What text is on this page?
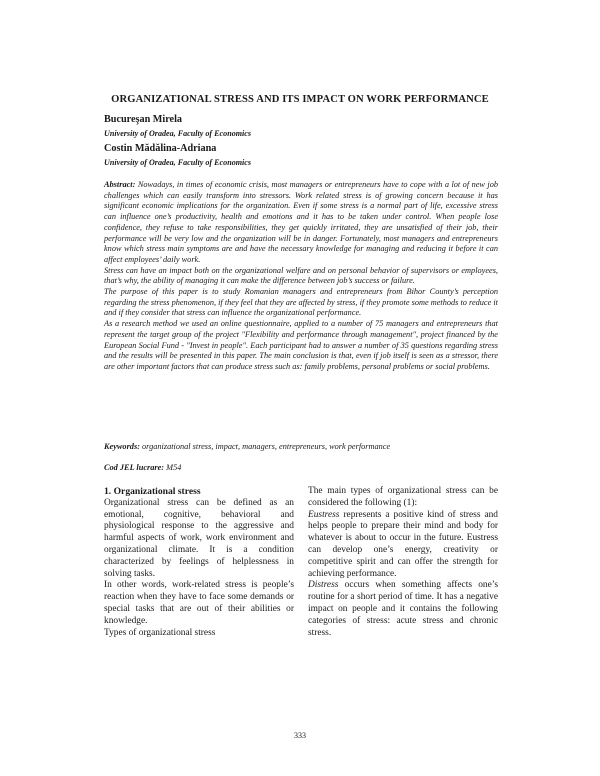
ORGANIZATIONAL STRESS AND ITS IMPACT ON WORK PERFORMANCE
Bucureşan Mirela
University of Oradea, Faculty of Economics
Costin Mădălina-Adriana
University of Oradea, Faculty of Economics

Abstract: Nowadays, in times of economic crisis, most managers or entrepreneurs have to cope with a lot of new job challenges which can easily transform into stressors. Work related stress is of growing concern because it has significant economic implications for the organization. Even if some stress is a normal part of life, excessive stress can influence one’s productivity, health and emotions and it has to be taken under control. When people lose confidence, they refuse to take responsibilities, they get quickly irritated, they are unsatisfied of their job, their performance will be very low and the organization will be in danger. Fortunately, most managers and entrepreneurs know which stress main symptoms are and have the necessary knowledge for managing and reducing it before it can affect employees’ daily work.

Stress can have an impact both on the organizational welfare and on personal behavior of supervisors or employees, that’s why, the ability of managing it can make the difference between job’s success or failure.

The purpose of this paper is to study Romanian managers and entrepreneurs from Bihor County’s perception regarding the stress phenomenon, if they feel that they are affected by stress, if they promote some methods to reduce it and if they consider that stress can influence the organizational performance.

As a research method we used an online questionnaire, applied to a number of 75 managers and entrepreneurs that represent the target group of the project "Flexibility and performance through management", project financed by the European Social Fund - "Invest in people". Each participant had to answer a number of 35 questions regarding stress and the results will be presented in this paper. The main conclusion is that, even if job itself is seen as a stressor, there are other important factors that can produce stress such as: family problems, personal problems or social problems.

Keywords: organizational stress, impact, managers, entrepreneurs, work performance
Cod JEL lucrare: M54
1. Organizational stress

Organizational stress can be defined as an emotional, cognitive, behavioral and physiological response to the aggressive and harmful aspects of work, work environment and organizational climate. It is a condition characterized by feelings of helplessness in solving tasks.

In other words, work-related stress is people’s reaction when they have to face some demands or special tasks that are out of their abilities or knowledge.

Types of organizational stress

The main types of organizational stress can be considered the following (1):

Eustress represents a positive kind of stress and helps people to prepare their mind and body for whatever is about to occur in the future. Eustress can develop one’s energy, creativity or competitive spirit and can offer the strength for achieving performance.

Distress occurs when something affects one’s routine for a short period of time. It has a negative impact on people and it contains the following categories of stress: acute stress and chronic stress.

333
